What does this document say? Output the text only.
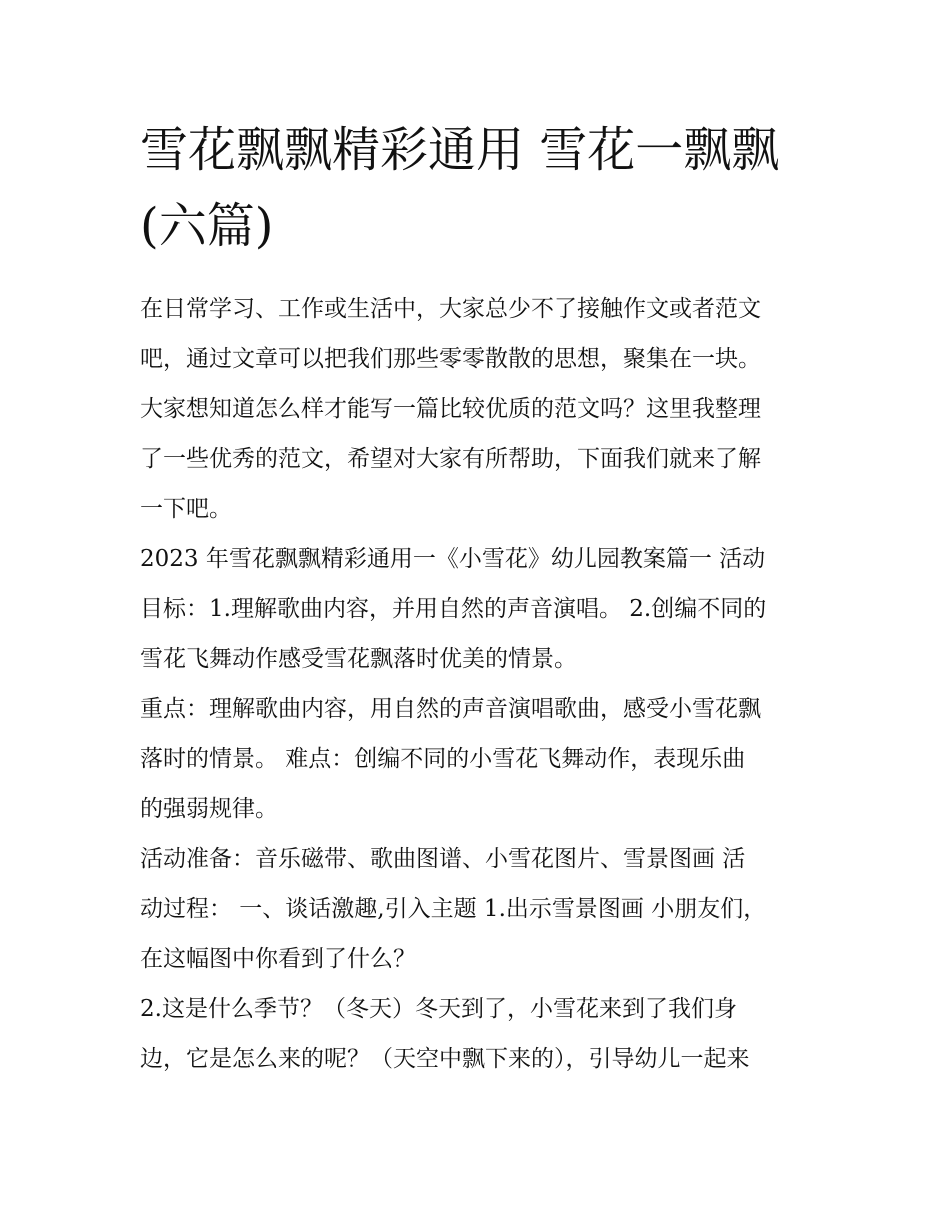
雪花飘飘精彩通用 雪花一飘飘
(六篇)

在日常学习、工作或生活中，大家总少不了接触作文或者范文
吧，通过文章可以把我们那些零零散散的思想，聚集在一块。
大家想知道怎么样才能写一篇比较优质的范文吗？这里我整理
了一些优秀的范文，希望对大家有所帮助，下面我们就来了解
一下吧。

2023 年雪花飘飘精彩通用一《小雪花》幼儿园教案篇一 活动
目标：1.理解歌曲内容，并用自然的声音演唱。 2.创编不同的
雪花飞舞动作感受雪花飘落时优美的情景。

重点：理解歌曲内容，用自然的声音演唱歌曲，感受小雪花飘
落时的情景。 难点：创编不同的小雪花飞舞动作，表现乐曲
的强弱规律。

活动准备：音乐磁带、歌曲图谱、小雪花图片、雪景图画 活
动过程： 一、谈话激趣,引入主题 1.出示雪景图画 小朋友们，
在这幅图中你看到了什么？

2.这是什么季节？（冬天）冬天到了，小雪花来到了我们身
边，它是怎么来的呢？（天空中飘下来的），引导幼儿一起来
